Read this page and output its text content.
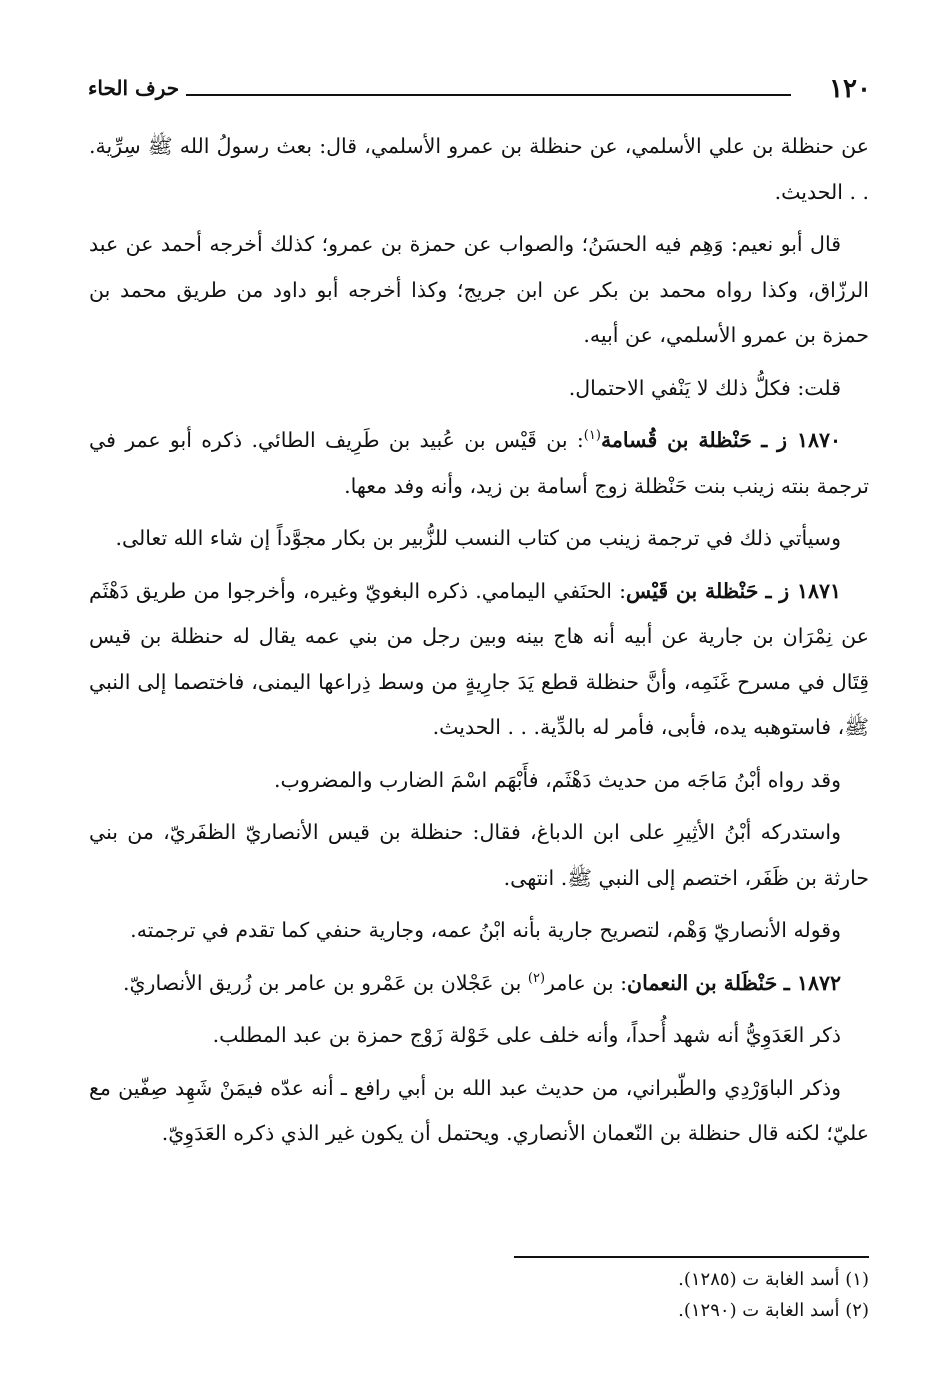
١٢٠
حرف الحاء

عن حنظلة بن علي الأسلمي، عن حنظلة بن عمرو الأسلمي، قال: بعث رسولُ الله ﷺ سِرِّية. . . الحديث.

قال أبو نعيم: وَهِم فيه الحسَنُ؛ والصواب عن حمزة بن عمرو؛ كذلك أخرجه أحمد عن عبد الرزّاق، وكذا رواه محمد بن بكر عن ابن جريج؛ وكذا أخرجه أبو داود من طريق محمد بن حمزة بن عمرو الأسلمي، عن أبيه.

قلت: فكلُّ ذلك لا يَنْفي الاحتمال.

١٨٧٠ ز ـ حَنْظلة بن قُسامة$^{(١)}$: بن قَيْس بن عُبيد بن طَرِيف الطائي. ذكره أبو عمر في ترجمة بنته زينب بنت حَنْظلة زوج أسامة بن زيد، وأنه وفد معها.

وسيأتي ذلك في ترجمة زينب من كتاب النسب للزُّبير بن بكار مجوَّداً إن شاء الله تعالى.

١٨٧١ ز ـ حَنْظلة بن قَيْس: الحنَفي اليمامي. ذكره البغويّ وغيره، وأخرجوا من طريق دَهْثَم عن نِمْرَان بن جارية عن أبيه أنه هاج بينه وبين رجل من بني عمه يقال له حنظلة بن قيس قِتَال في مسرح غَنَمِه، وأنَّ حنظلة قطع يَدَ جارِيةٍ من وسط ذِراعها اليمنى، فاختصما إلى النبي ﷺ، فاستوهبه يده، فأبى، فأمر له بالدِّية. . . الحديث.

وقد رواه أبْنُ مَاجَه من حديث دَهْثَم، فأَبْهَم اسْمَ الضارب والمضروب.

واستدركه أبْنُ الأثِيرِ على ابن الدباغ، فقال: حنظلة بن قيس الأنصاريّ الظفَريّ، من بني حارثة بن ظَفَر، اختصم إلى النبي ﷺ. انتهى.

وقوله الأنصاريّ وَهْم، لتصريح جارية بأنه ابْنُ عمه، وجارية حنفي كما تقدم في ترجمته.

١٨٧٢ ـ حَنْظَلة بن النعمان: بن عامر$^{(٢)}$ بن عَجْلان بن عَمْرو بن عامر بن زُريق الأنصاريّ.

ذكر العَدَوِيُّ أنه شهد أُحداً، وأنه خلف على خَوْلة زَوْج حمزة بن عبد المطلب.

وذكر الباوَرْدِي والطّبراني، من حديث عبد الله بن أبي رافع ـ أنه عدّه فيمَنْ شَهِد صِفّين مع عليّ؛ لكنه قال حنظلة بن النّعمان الأنصاري. ويحتمل أن يكون غير الذي ذكره العَدَوِيّ.

(١) أسد الغابة ت (١٢٨٥).
(٢) أسد الغابة ت (١٢٩٠).
